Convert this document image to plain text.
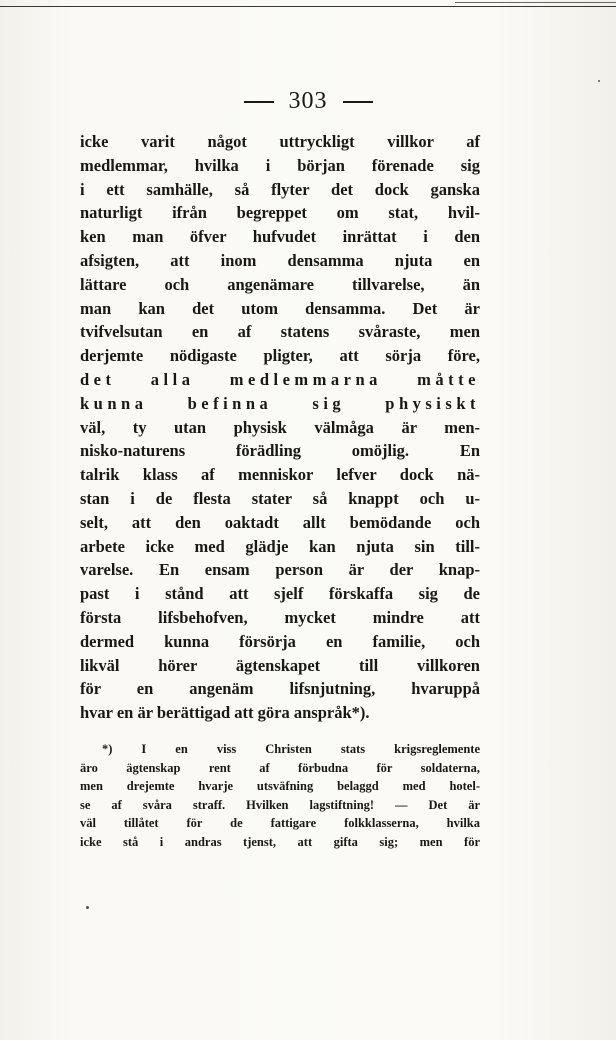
303
icke varit något uttryckligt villkor af
medlemmar, hvilka i början förenade sig
i ett samhälle, så flyter det dock ganska
naturligt ifrån begreppet om stat, hvil-
ken man öfver hufvudet inrättat i den
afsigten, att inom densamma njuta en
lättare och angenämare tillvarelse, än
man kan det utom densamma. Det är
tvifvelsutan en af statens svåraste, men
derjemte nödigaste pligter, att sörja före,
det alla medlemmarna måtte
kunna befinna sig physiskt
väl, ty utan physisk välmåga är men-
nisko-naturens förädling omöjlig. En
talrik klass af menniskor lefver dock nä-
stan i de flesta stater så knappt och u-
selt, att den oaktadt allt bemödande och
arbete icke med glädje kan njuta sin till-
varelse. En ensam person är der knap-
past i stånd att sjelf förskaffa sig de
första lifsbehofven, mycket mindre att
dermed kunna försörja en familie, och
likväl hörer ägtenskapet till villkoren
för en angenäm lifsnjutning, hvaruppå
hvar en är berättigad att göra anspråk*).
*) I en viss Christen stats krigsreglemente
äro ägtenskap rent af förbudna för soldaterna,
men drejemte hvarje utsväfning belaggd med hotel-
se af svåra straff. Hvilken lagstiftning! — Det är
väl tillåtet för de fattigare folkklasserna, hvilka
icke stå i andras tjenst, att gifta sig; men för
